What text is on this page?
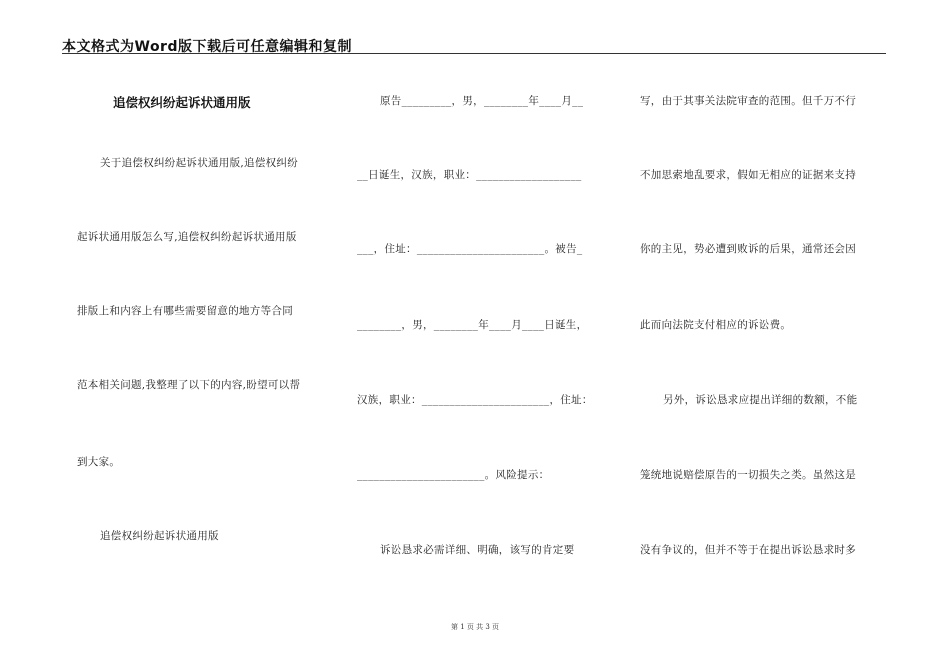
本文格式为Word版下载后可任意编辑和复制
追偿权纠纷起诉状通用版
关于追偿权纠纷起诉状通用版,追偿权纠纷
起诉状通用版怎么写,追偿权纠纷起诉状通用版
排版上和内容上有哪些需要留意的地方等合同
范本相关问题,我整理了以下的内容,盼望可以帮
到大家。
追偿权纠纷起诉状通用版
原告_________，男，________年____月__
__日诞生，汉族，职业：___________________
___，住址：_______________________。被告_
________，男，________年____月____日诞生，
汉族，职业：_______________________，住址：
_______________________。风险提示：
诉讼恳求必需详细、明确，该写的肯定要
写，由于其事关法院审查的范围。但千万不行
不加思索地乱要求，假如无相应的证据来支持
你的主见，势必遭到败诉的后果，通常还会因
此而向法院支付相应的诉讼费。
另外，诉讼恳求应提出详细的数额，不能
笼统地说赔偿原告的一切损失之类。虽然这是
没有争议的，但并不等于在提出诉讼恳求时多
第 1 页 共 3 页
